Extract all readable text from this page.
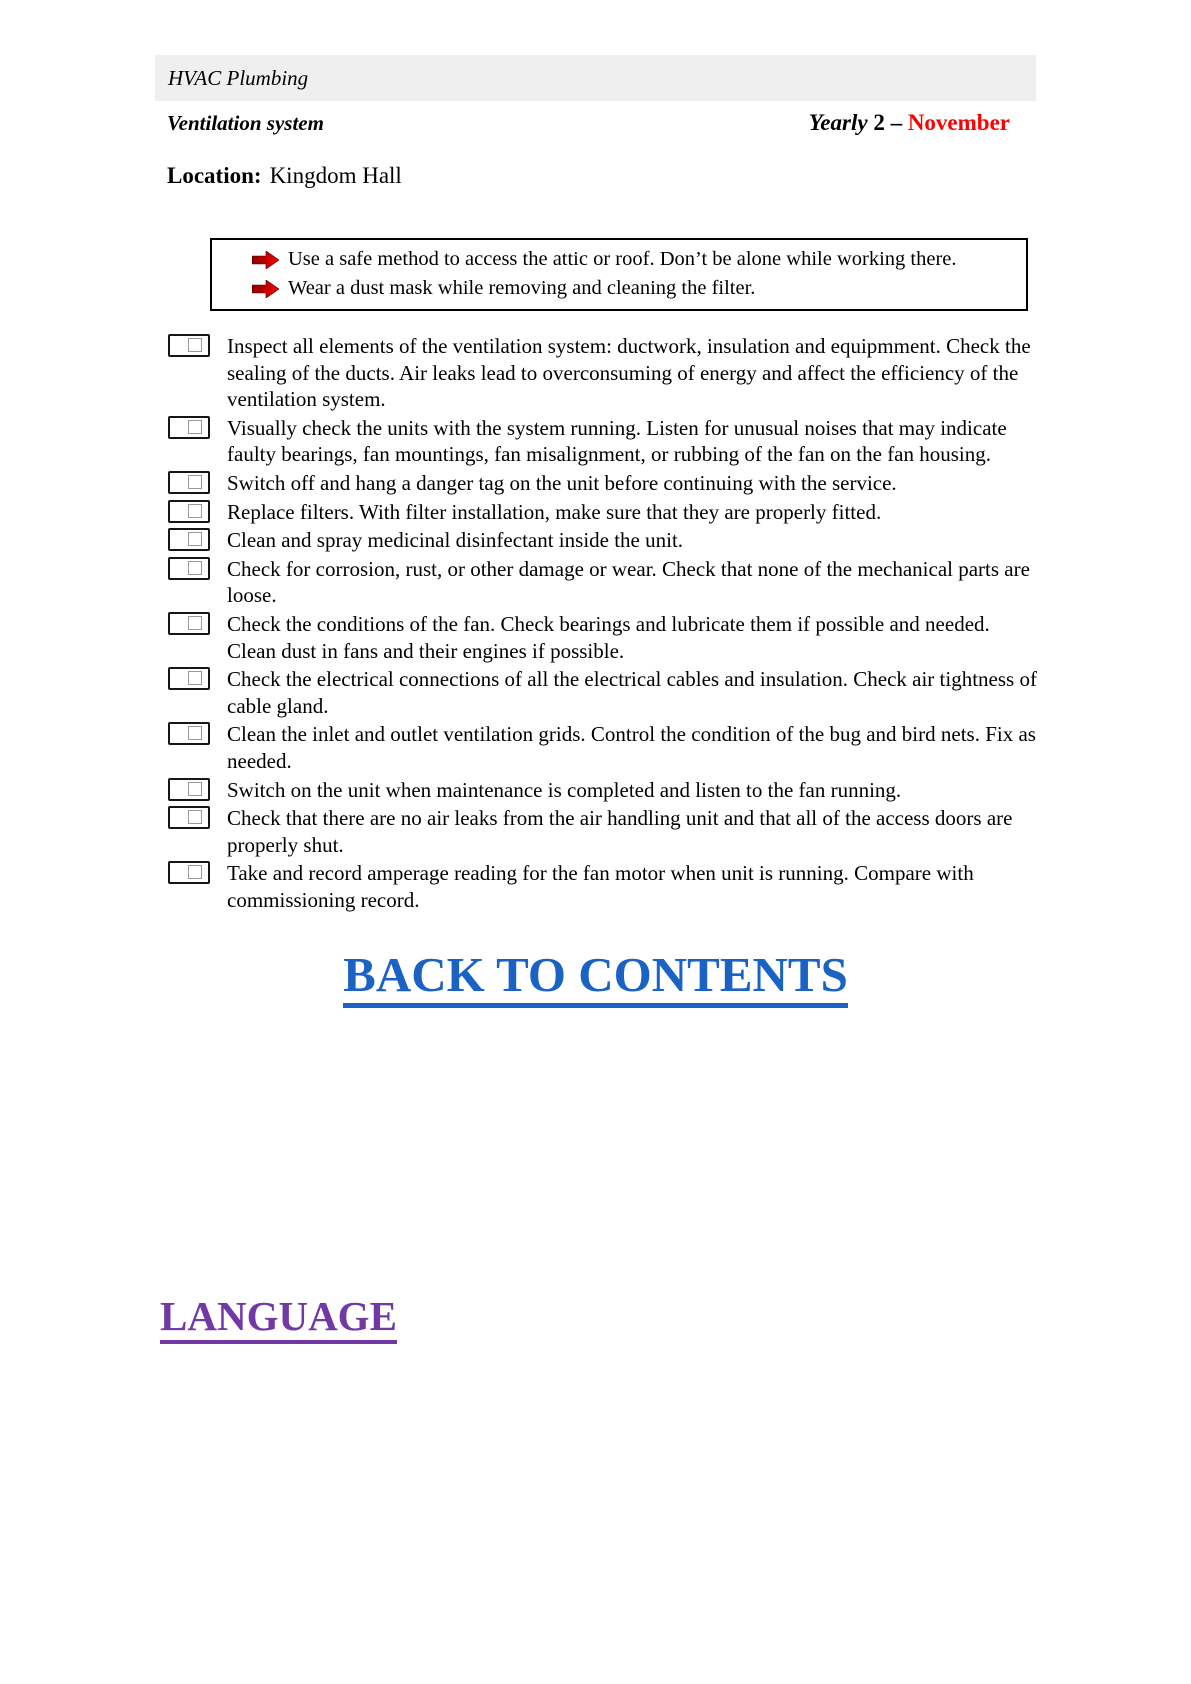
HVAC Plumbing
Ventilation system	Yearly 2 – November
Location: Kingdom Hall
Use a safe method to access the attic or roof. Don’t be alone while working there.
Wear a dust mask while removing and cleaning the filter.
Inspect all elements of the ventilation system: ductwork, insulation and equipmment. Check the sealing of the ducts. Air leaks lead to overconsuming of energy and affect the efficiency of the ventilation system.
Visually check the units with the system running. Listen for unusual noises that may indicate faulty bearings, fan mountings, fan misalignment, or rubbing of the fan on the fan housing.
Switch off and hang a danger tag on the unit before continuing with the service.
Replace filters. With filter installation, make sure that they are properly fitted.
Clean and spray medicinal disinfectant inside the unit.
Check for corrosion, rust, or other damage or wear. Check that none of the mechanical parts are loose.
Check the conditions of the fan. Check bearings and lubricate them if possible and needed. Clean dust in fans and their engines if possible.
Check the electrical connections of all the electrical cables and insulation. Check air tightness of cable gland.
Clean the inlet and outlet ventilation grids. Control the condition of the bug and bird nets. Fix as needed.
Switch on the unit when maintenance is completed and listen to the fan running.
Check that there are no air leaks from the air handling unit and that all of the access doors are properly shut.
Take and record amperage reading for the fan motor when unit is running. Compare with commissioning record.
BACK TO CONTENTS
LANGUAGE
